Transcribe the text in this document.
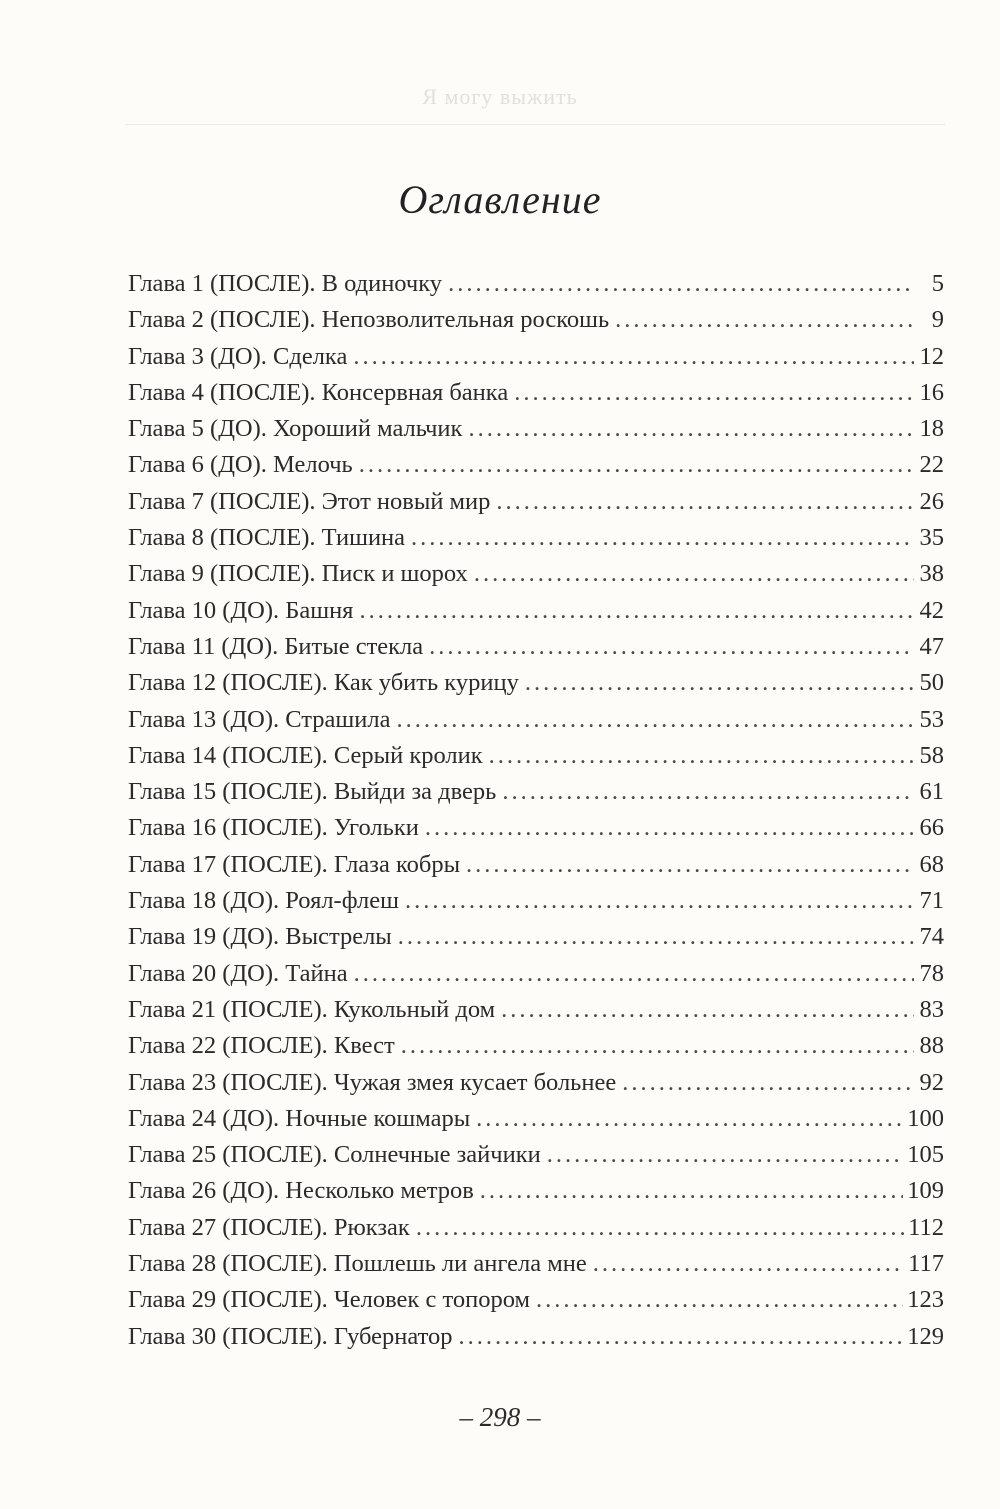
Я могу выжить
Оглавление
Глава 1 (ПОСЛЕ). В одиночку .....	5
Глава 2 (ПОСЛЕ). Непозволительная роскошь .....	9
Глава 3 (ДО). Сделка .....	12
Глава 4 (ПОСЛЕ). Консервная банка .....	16
Глава 5 (ДО). Хороший мальчик .....	18
Глава 6 (ДО). Мелочь .....	22
Глава 7 (ПОСЛЕ). Этот новый мир .....	26
Глава 8 (ПОСЛЕ). Тишина .....	35
Глава 9 (ПОСЛЕ). Писк и шорох .....	38
Глава 10 (ДО). Башня .....	42
Глава 11 (ДО). Битые стекла .....	47
Глава 12 (ПОСЛЕ). Как убить курицу .....	50
Глава 13 (ДО). Страшила .....	53
Глава 14 (ПОСЛЕ). Серый кролик .....	58
Глава 15 (ПОСЛЕ). Выйди за дверь .....	61
Глава 16 (ПОСЛЕ). Угольки .....	66
Глава 17 (ПОСЛЕ). Глаза кобры .....	68
Глава 18 (ДО). Роял-флеш .....	71
Глава 19 (ДО). Выстрелы .....	74
Глава 20 (ДО). Тайна .....	78
Глава 21 (ПОСЛЕ). Кукольный дом .....	83
Глава 22 (ПОСЛЕ). Квест .....	88
Глава 23 (ПОСЛЕ). Чужая змея кусает больнее .....	92
Глава 24 (ДО). Ночные кошмары .....	100
Глава 25 (ПОСЛЕ). Солнечные зайчики .....	105
Глава 26 (ДО). Несколько метров .....	109
Глава 27 (ПОСЛЕ). Рюкзак .....	112
Глава 28 (ПОСЛЕ). Пошлешь ли ангела мне .....	117
Глава 29 (ПОСЛЕ). Человек с топором .....	123
Глава 30 (ПОСЛЕ). Губернатор .....	129
– 298 –
